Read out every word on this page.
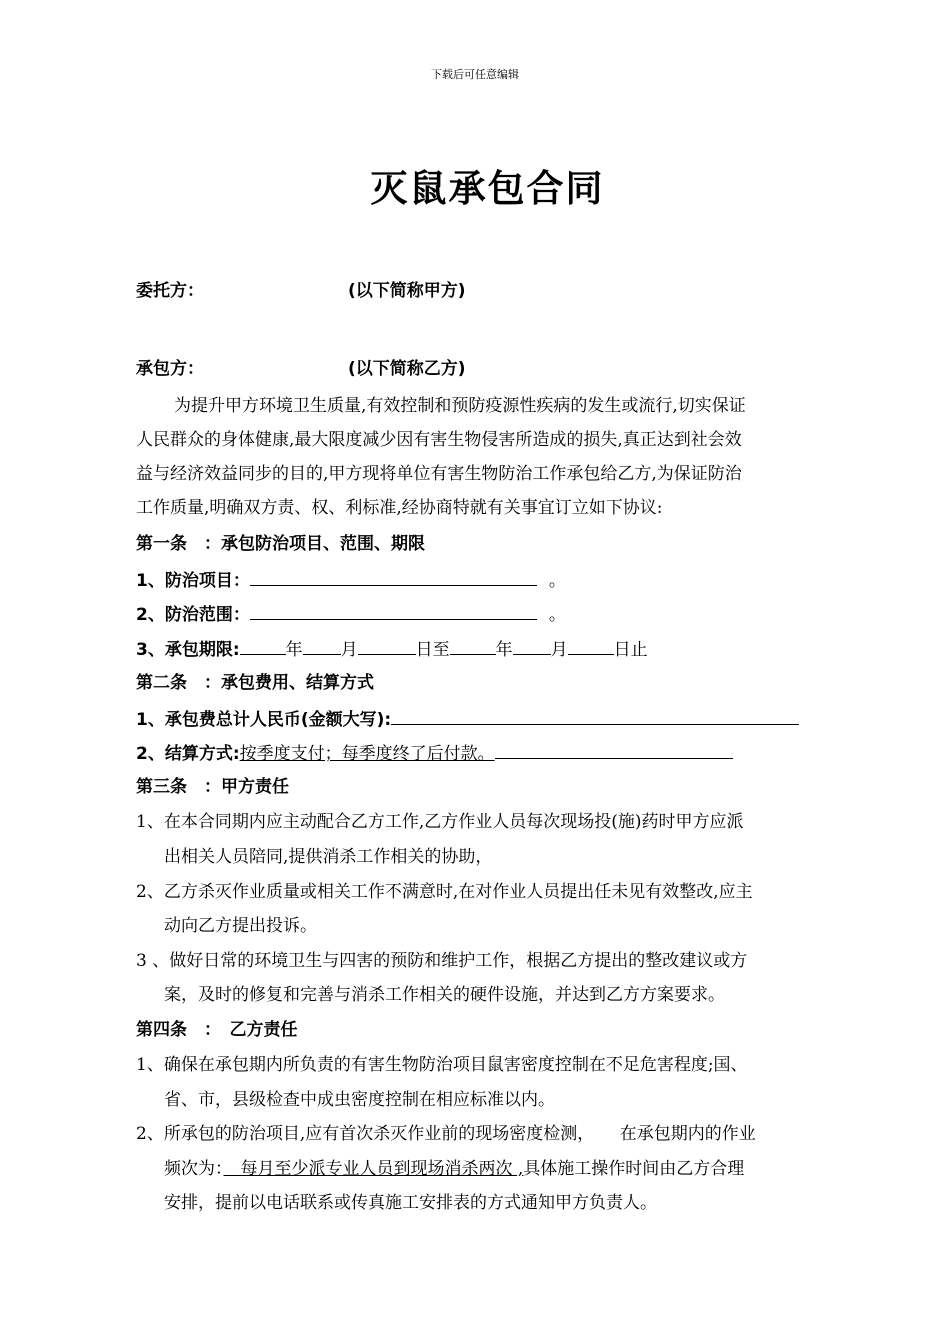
下载后可任意编辑
灭鼠承包合同
委托方：	(以下简称甲方)
承包方：	(以下简称乙方)
为提升甲方环境卫生质量,有效控制和预防疫源性疾病的发生或流行,切实保证
人民群众的身体健康,最大限度减少因有害生物侵害所造成的损失,真正达到社会效
益与经济效益同步的目的,甲方现将单位有害生物防治工作承包给乙方,为保证防治
工作质量,明确双方责、权、利标准,经协商特就有关事宜订立如下协议:
第一条　：承包防治项目、范围、期限
1、防治项目：	。
2、防治范围：	。
3、承包期限:	年 月	日至	年 月	日止
第二条　：承包费用、结算方式
1、承包费总计人民币(金额大写):
2、结算方式:按季度支付；每季度终了后付款。
第三条　：甲方责任
1、在本合同期内应主动配合乙方工作,乙方作业人员每次现场投(施)药时甲方应派
出相关人员陪同,提供消杀工作相关的协助，
2、乙方杀灭作业质量或相关工作不满意时,在对作业人员提出任未见有效整改,应主
动向乙方提出投诉。
3 、做好日常的环境卫生与四害的预防和维护工作，根据乙方提出的整改建议或方
案，及时的修复和完善与消杀工作相关的硬件设施，并达到乙方方案要求。
第四条　：　乙方责任
1、确保在承包期内所负责的有害生物防治项目鼠害密度控制在不足危害程度;国、
省、市，县级检查中成虫密度控制在相应标准以内。
2、所承包的防治项目,应有首次杀灭作业前的现场密度检测，　　在承包期内的作业
频次为：　每月至少派专业人员到现场消杀两次 ,具体施工操作时间由乙方合理
安排，提前以电话联系或传真施工安排表的方式通知甲方负责人。
